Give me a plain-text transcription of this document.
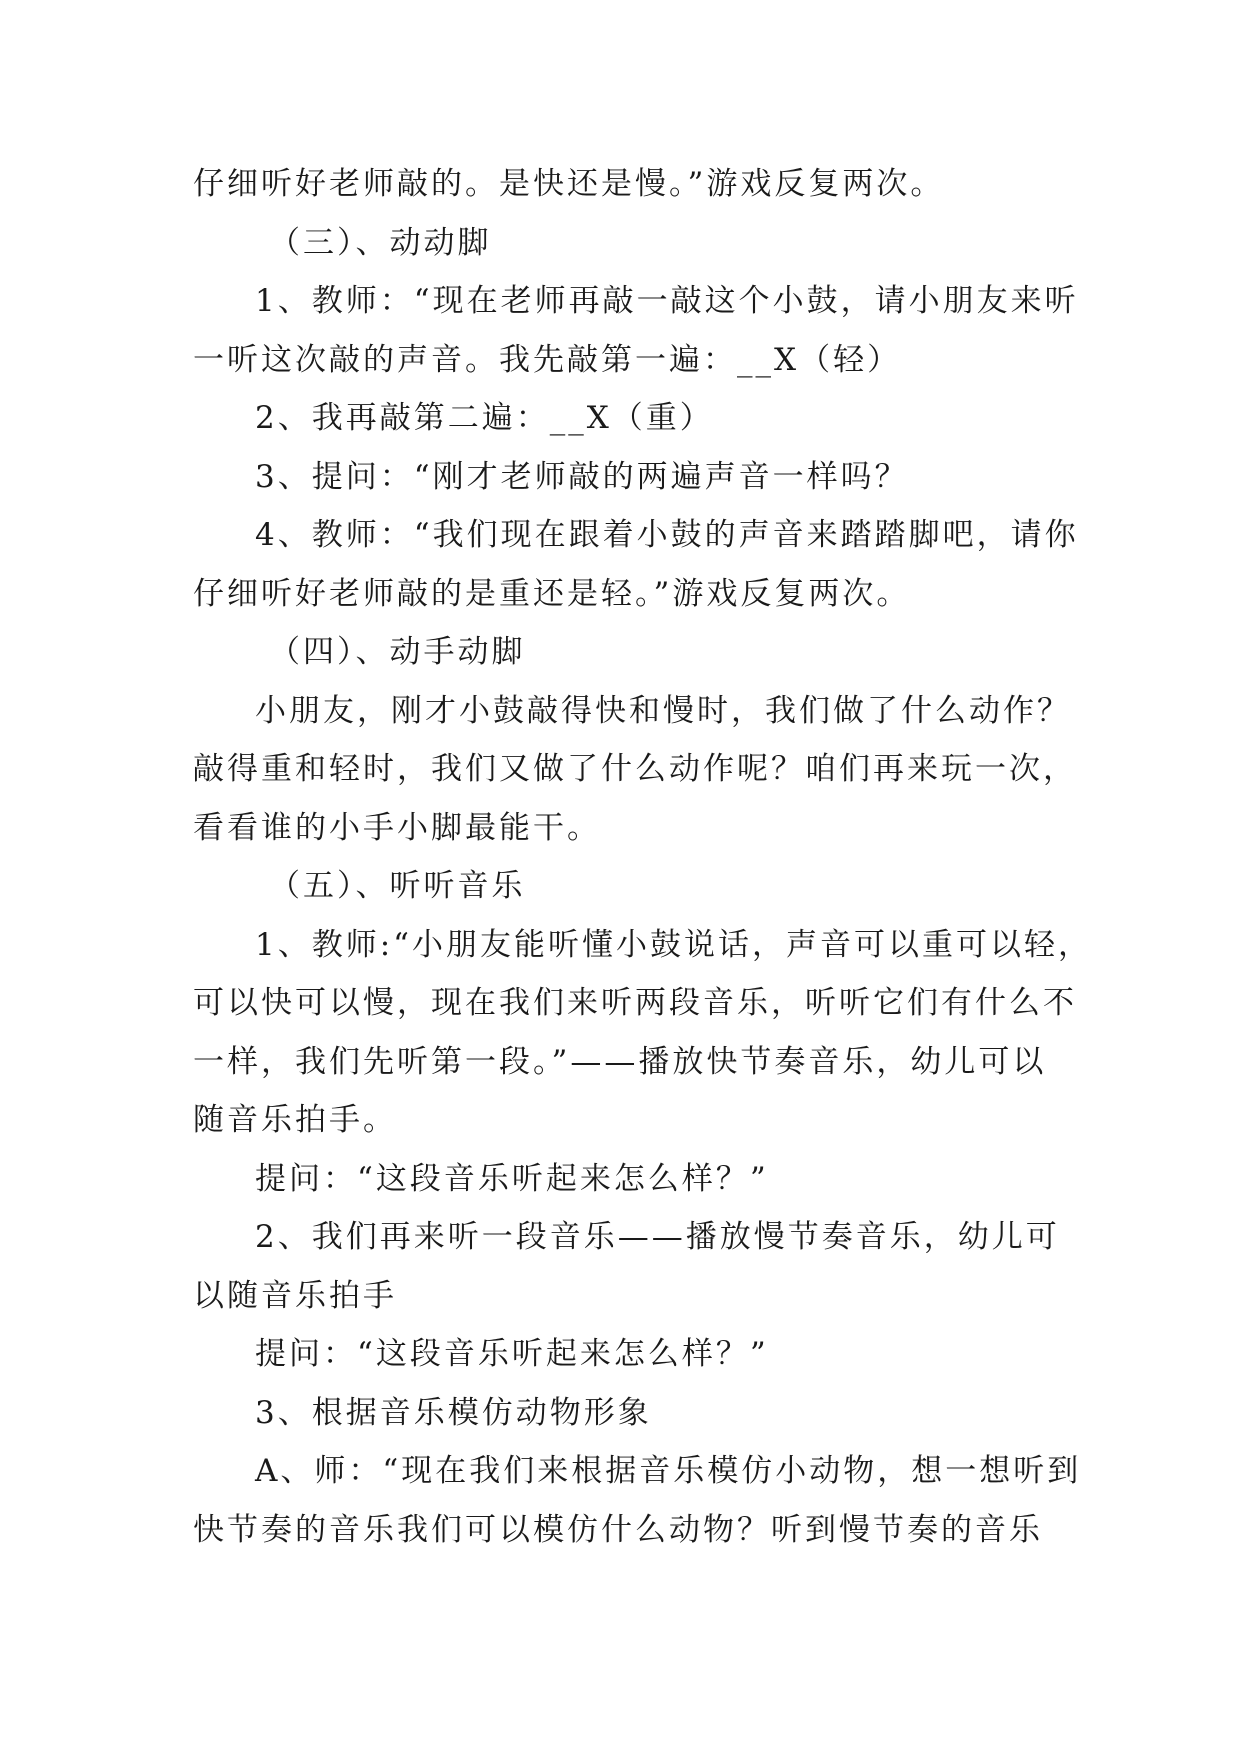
仔细听好老师敲的。是快还是慢。”游戏反复两次。
（三）、动动脚
1、教师：“现在老师再敲一敲这个小鼓，请小朋友来听
一听这次敲的声音。我先敲第一遍：__X（轻）
2、我再敲第二遍：__X（重）
3、提问：“刚才老师敲的两遍声音一样吗？
4、教师：“我们现在跟着小鼓的声音来踏踏脚吧，请你
仔细听好老师敲的是重还是轻。”游戏反复两次。
（四）、动手动脚
小朋友，刚才小鼓敲得快和慢时，我们做了什么动作？
敲得重和轻时，我们又做了什么动作呢？咱们再来玩一次，
看看谁的小手小脚最能干。
（五）、听听音乐
1、教师:“小朋友能听懂小鼓说话，声音可以重可以轻，
可以快可以慢，现在我们来听两段音乐，听听它们有什么不
一样，我们先听第一段。”——播放快节奏音乐，幼儿可以
随音乐拍手。
提问：“这段音乐听起来怎么样？”
2、我们再来听一段音乐——播放慢节奏音乐，幼儿可
以随音乐拍手
提问：“这段音乐听起来怎么样？”
3、根据音乐模仿动物形象
A、师：“现在我们来根据音乐模仿小动物，想一想听到
快节奏的音乐我们可以模仿什么动物？听到慢节奏的音乐
